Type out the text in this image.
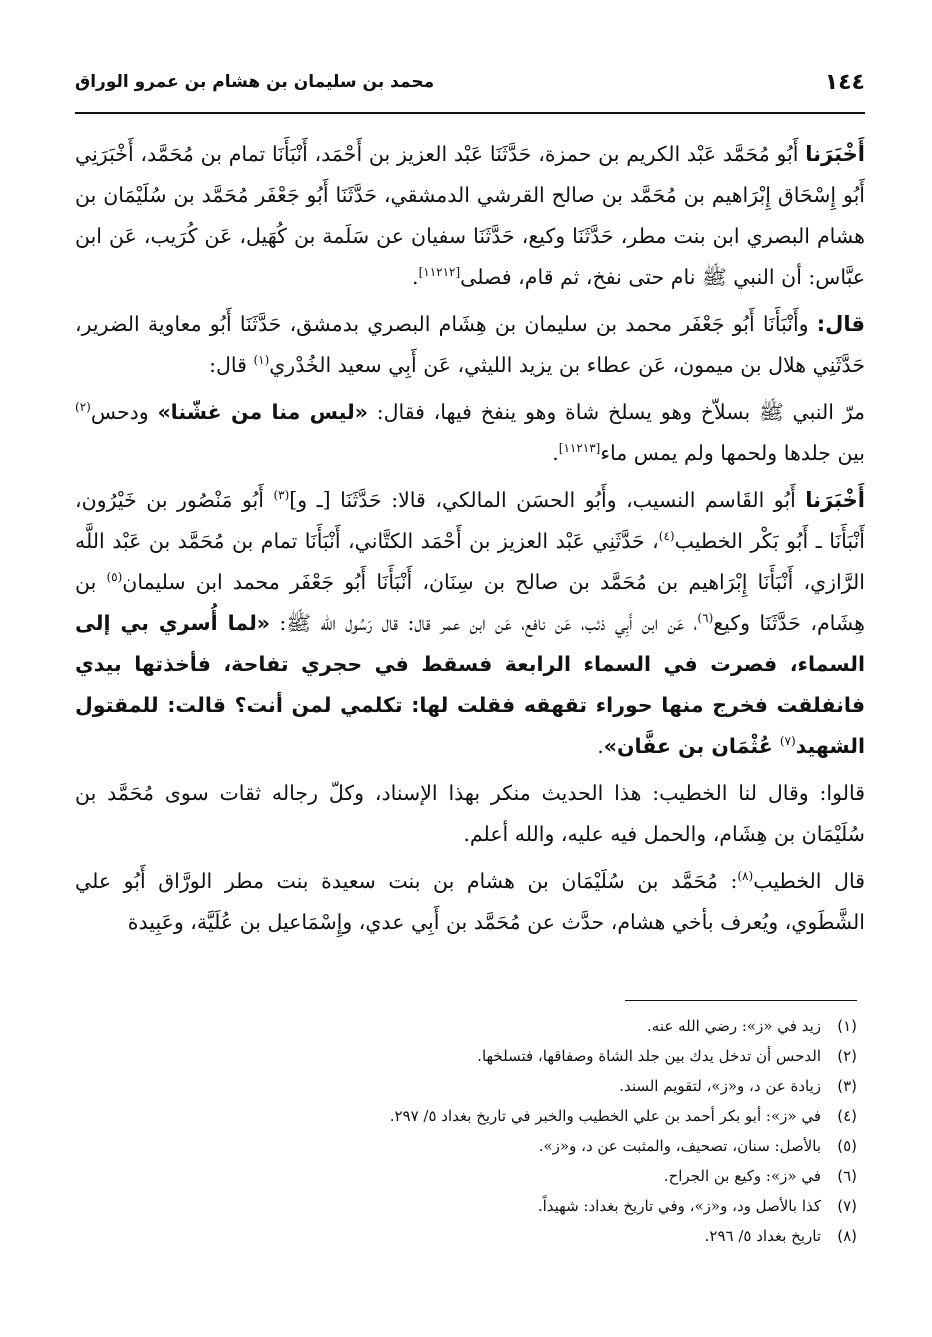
١٤٤
محمد بن سليمان بن هشام بن عمرو الوراق

أَخْبَرَنا أَبُو مُحَمَّد عَبْد الكريم بن حمزة، حَدَّثَنَا عَبْد العزيز بن أَحْمَد، أَنْبَأَنَا تمام بن مُحَمَّد، أَخْبَرَنِي أَبُو إِسْحَاق إِبْرَاهيم بن مُحَمَّد بن صالح القرشي الدمشقي، حَدَّثَنَا أَبُو جَعْفَر مُحَمَّد بن سُلَيْمَان بن هشام البصري ابن بنت مطر، حَدَّثَنَا وكيع، حَدَّثَنَا سفيان عن سَلَمة بن كُهَيل، عَن كُرَيب، عَن ابن عبَّاس: أن النبي ﷺ نام حتى نفخ، ثم قام، فصلى[١١٢١٢].

قال: وأَنْبَأَنَا أَبُو جَعْفَر محمد بن سليمان بن هِشَام البصري بدمشق، حَدَّثَنَا أَبُو معاوية الضرير، حَدَّثَنِي هلال بن ميمون، عَن عطاء بن يزيد الليثي، عَن أَبِي سعيد الخُدْري$^{(١)}$ قال:

مرّ النبي ﷺ بسلاّخ وهو يسلخ شاة وهو ينفخ فيها، فقال: «ليس منا من غشّنا» ودحس$^{(٢)}$ بين جلدها ولحمها ولم يمس ماء[١١٢١٣].

أَخْبَرَنا أَبُو القَاسم النسيب، وأَبُو الحسَن المالكي، قالا: حَدَّثَنَا [ـ و]$^{(٣)}$ أَبُو مَنْصُور بن خَيْرُون، أَنْبَأَنَا ـ أَبُو بَكْر الخطيب$^{(٤)}$، حَدَّثَنِي عَبْد العزيز بن أَحْمَد الكتَّاني، أَنْبَأَنَا تمام بن مُحَمَّد بن عَبْد اللَّه الرَّازي، أَنْبَأَنَا إِبْرَاهيم بن مُحَمَّد بن صالح بن سِنَان، أَنْبَأَنَا أَبُو جَعْفَر محمد ابن سليمان$^{(٥)}$ بن هِشَام، حَدَّثَنَا وكيع$^{(٦)}$، عَن ابن أَبِي ذئب، عَن نافع، عَن ابن عمر قال: قال رَسُول الله ﷺ: «لما أُسري بي إلى السماء، فصرت في السماء الرابعة فسقط في حجري تفاحة، فأخذتها بيدي فانفلقت فخرج منها حوراء تقهقه فقلت لها: تكلمي لمن أنت؟ قالت: للمقتول الشهيد$^{(٧)}$ عُثْمَان بن عفَّان».

قالوا: وقال لنا الخطيب: هذا الحديث منكر بهذا الإسناد، وكلّ رجاله ثقات سوى مُحَمَّد بن سُلَيْمَان بن هِشَام، والحمل فيه عليه، والله أعلم.

قال الخطيب$^{(٨)}$: مُحَمَّد بن سُلَيْمَان بن هشام بن بنت سعيدة بنت مطر الورَّاق أَبُو علي الشَّطَوي، ويُعرف بأخي هشام، حدَّث عن مُحَمَّد بن أَبِي عدي، وإِسْمَاعيل بن عُلَيَّة، وعَبِيدة

(١)زيد في «ز»: رضي الله عنه.
(٢)الدحس أن تدخل يدك بين جلد الشاة وصفاقها، فتسلخها.
(٣)زيادة عن د، و«ز»، لتقويم السند.
(٤)في «ز»: أبو بكر أحمد بن علي الخطيب والخبر في تاريخ بغداد ٥/ ٢٩٧.
(٥)بالأصل: سنان، تصحيف، والمثبت عن د، و«ز».
(٦)في «ز»: وكيع بن الجراح.
(٧)كذا بالأصل ود، و«ز»، وفي تاريخ بغداد: شهيداً.
(٨)تاريخ بغداد ٥/ ٢٩٦.
